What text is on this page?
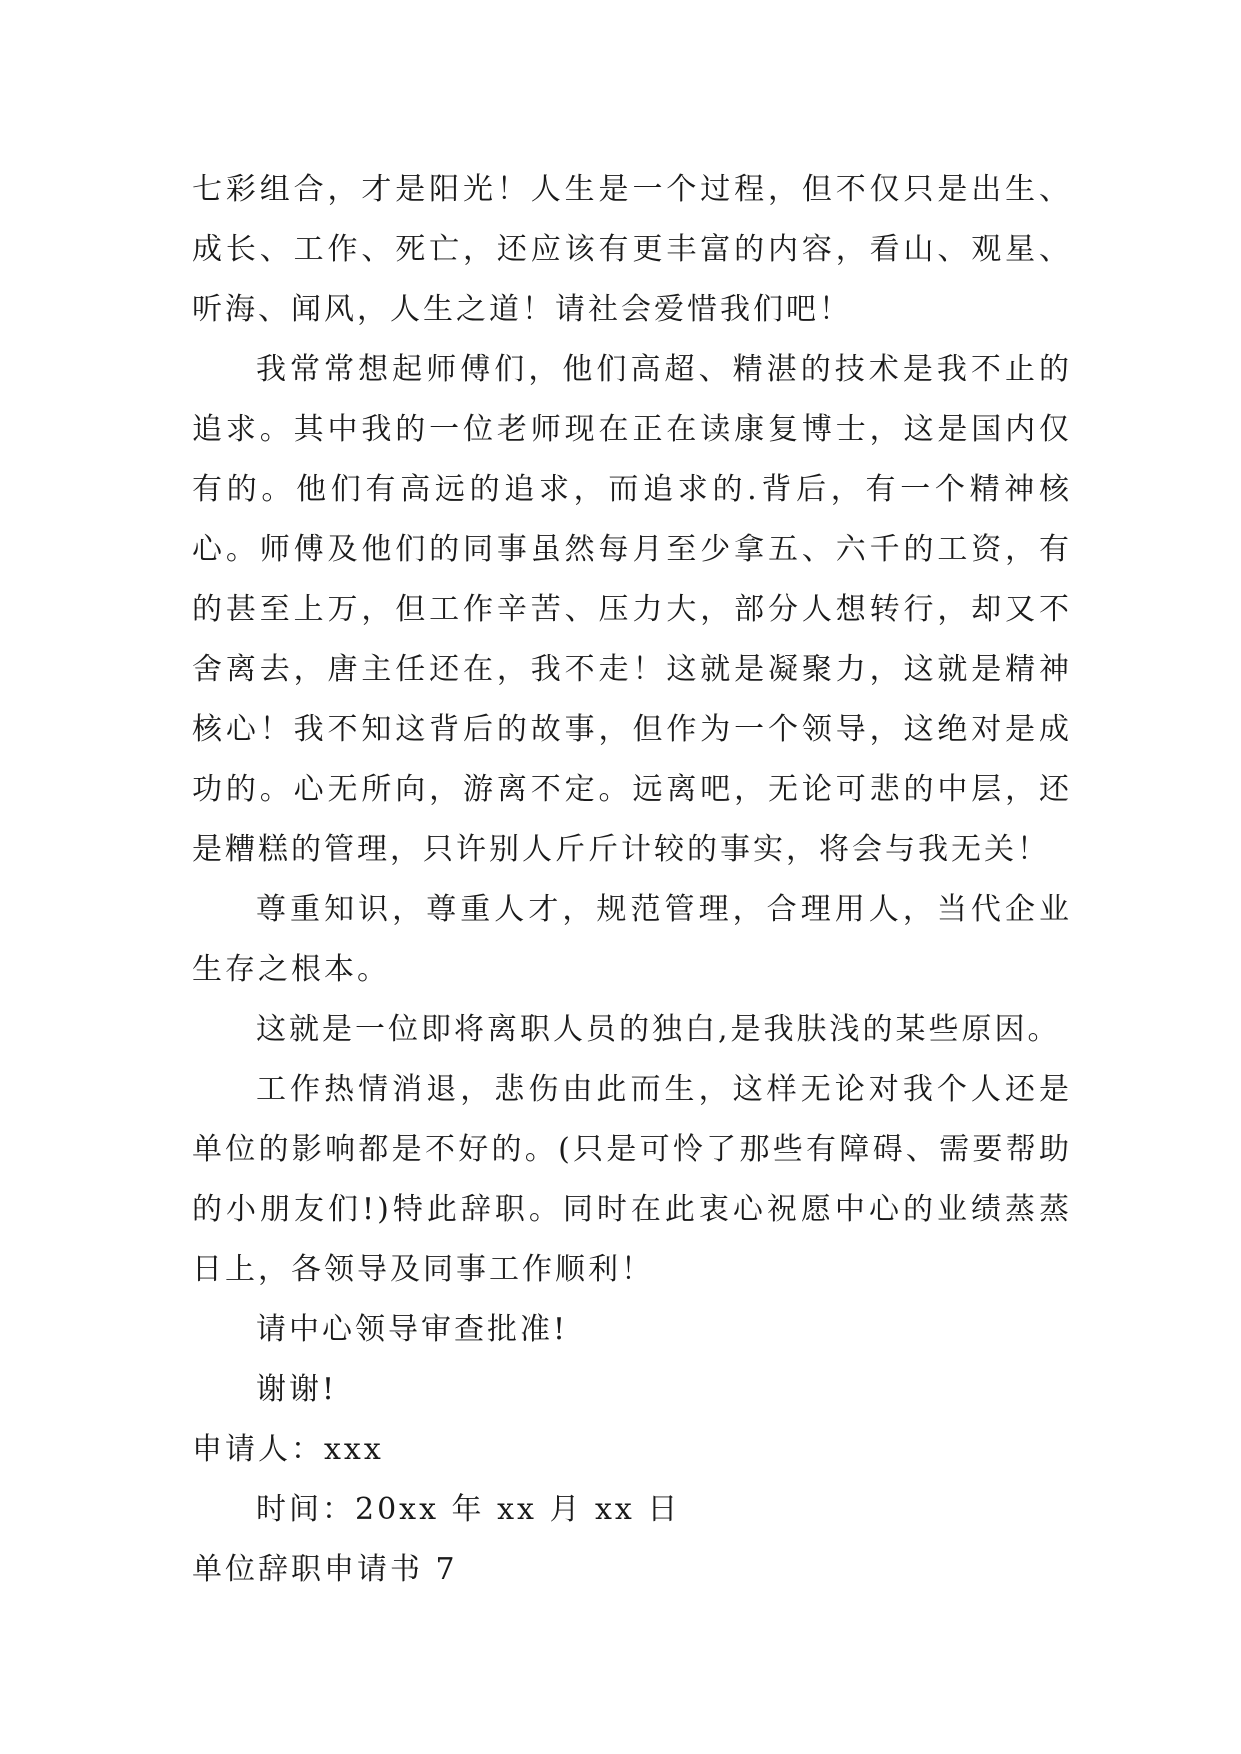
七彩组合，才是阳光！人生是一个过程，但不仅只是出生、成长、工作、死亡，还应该有更丰富的内容，看山、观星、听海、闻风，人生之道！请社会爱惜我们吧！

我常常想起师傅们，他们高超、精湛的技术是我不止的追求。其中我的一位老师现在正在读康复博士，这是国内仅有的。他们有高远的追求，而追求的.背后，有一个精神核心。师傅及他们的同事虽然每月至少拿五、六千的工资，有的甚至上万，但工作辛苦、压力大，部分人想转行，却又不舍离去，唐主任还在，我不走！这就是凝聚力，这就是精神核心！我不知这背后的故事，但作为一个领导，这绝对是成功的。心无所向，游离不定。远离吧，无论可悲的中层，还是糟糕的管理，只许别人斤斤计较的事实，将会与我无关！

尊重知识，尊重人才，规范管理，合理用人，当代企业生存之根本。

这就是一位即将离职人员的独白,是我肤浅的某些原因。

工作热情消退，悲伤由此而生，这样无论对我个人还是单位的影响都是不好的。(只是可怜了那些有障碍、需要帮助的小朋友们!)特此辞职。同时在此衷心祝愿中心的业绩蒸蒸日上，各领导及同事工作顺利！

请中心领导审查批准!

谢谢!

申请人：xxx

时间：20xx 年 xx 月 xx 日

单位辞职申请书 7
